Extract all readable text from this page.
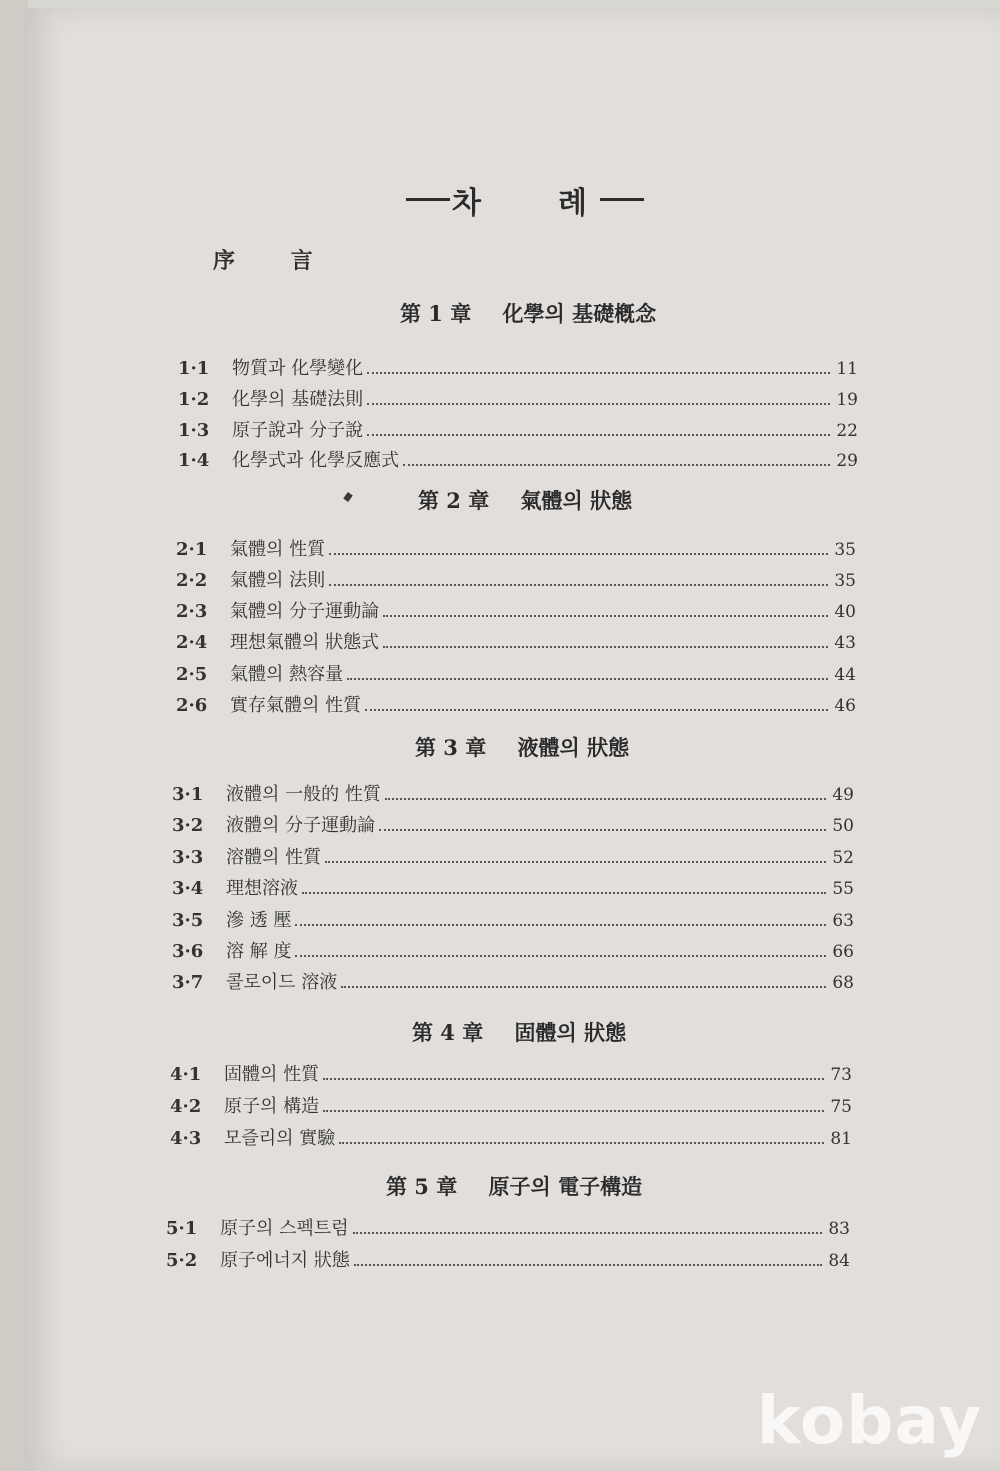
차	례
序 言
第 1 章 化學의 基礎槪念
1·1	物質과 化學變化	11
1·2	化學의 基礎法則	19
1·3	原子說과 分子說	22
1·4	化學式과 化學反應式	29
第 2 章 氣體의 狀態
2·1	氣體의 性質	35
2·2	氣體의 法則	35
2·3	氣體의 分子運動論	40
2·4	理想氣體의 狀態式	43
2·5	氣體의 熱容量	44
2·6	實存氣體의 性質	46
第 3 章 液體의 狀態
3·1	液體의 一般的 性質	49
3·2	液體의 分子運動論	50
3·3	溶體의 性質	52
3·4	理想溶液	55
3·5	滲 透 壓	63
3·6	溶 解 度	66
3·7	콜로이드 溶液	68
第 4 章 固體의 狀態
4·1	固體의 性質	73
4·2	原子의 構造	75
4·3	모즐리의 實驗	81
第 5 章 原子의 電子構造
5·1	原子의 스펙트럼	83
5·2	原子에너지 狀態	84
kobay
